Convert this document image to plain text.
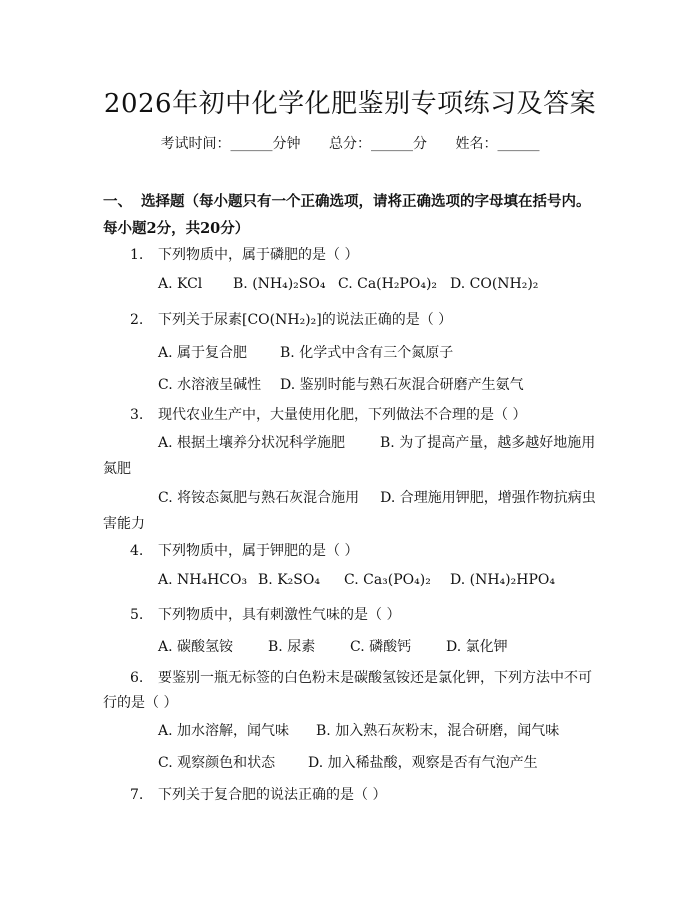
2026年初中化学化肥鉴别专项练习及答案
考试时间：______分钟 总分：______分 姓名：______
一、 选择题（每小题只有一个正确选项，请将正确选项的字母填在括号内。每小题2分，共20分）
1. 下列物质中，属于磷肥的是（ ）
A. KCl B. (NH₄)₂SO₄ C. Ca(H₂PO₄)₂ D. CO(NH₂)₂
2. 下列关于尿素[CO(NH₂)₂]的说法正确的是（ ）
A. 属于复合肥 B. 化学式中含有三个氮原子
C. 水溶液呈碱性 D. 鉴别时能与熟石灰混合研磨产生氨气
3. 现代农业生产中，大量使用化肥，下列做法不合理的是（ ）
A. 根据土壤养分状况科学施肥　　 	B. 为了提高产量，越多越好地施用氮肥
C. 将铵态氮肥与熟石灰混合施用　  D. 合理施用钾肥，增强作物抗病虫害能力
4. 下列物质中，属于钾肥的是（ ）
A. NH₄HCO₃ B. K₂SO₄ C. Ca₃(PO₄)₂ D. (NH₄)₂HPO₄
5. 下列物质中，具有刺激性气味的是（ ）
A. 碳酸氢铵 B. 尿素 C. 磷酸钙 D. 氯化钾
6. 要鉴别一瓶无标签的白色粉末是碳酸氢铵还是氯化钾，下列方法中不可行的是（ ）
A. 加水溶解，闻气味 B. 加入熟石灰粉末，混合研磨，闻气味
C. 观察颜色和状态 D. 加入稀盐酸，观察是否有气泡产生
7. 下列关于复合肥的说法正确的是（ ）
